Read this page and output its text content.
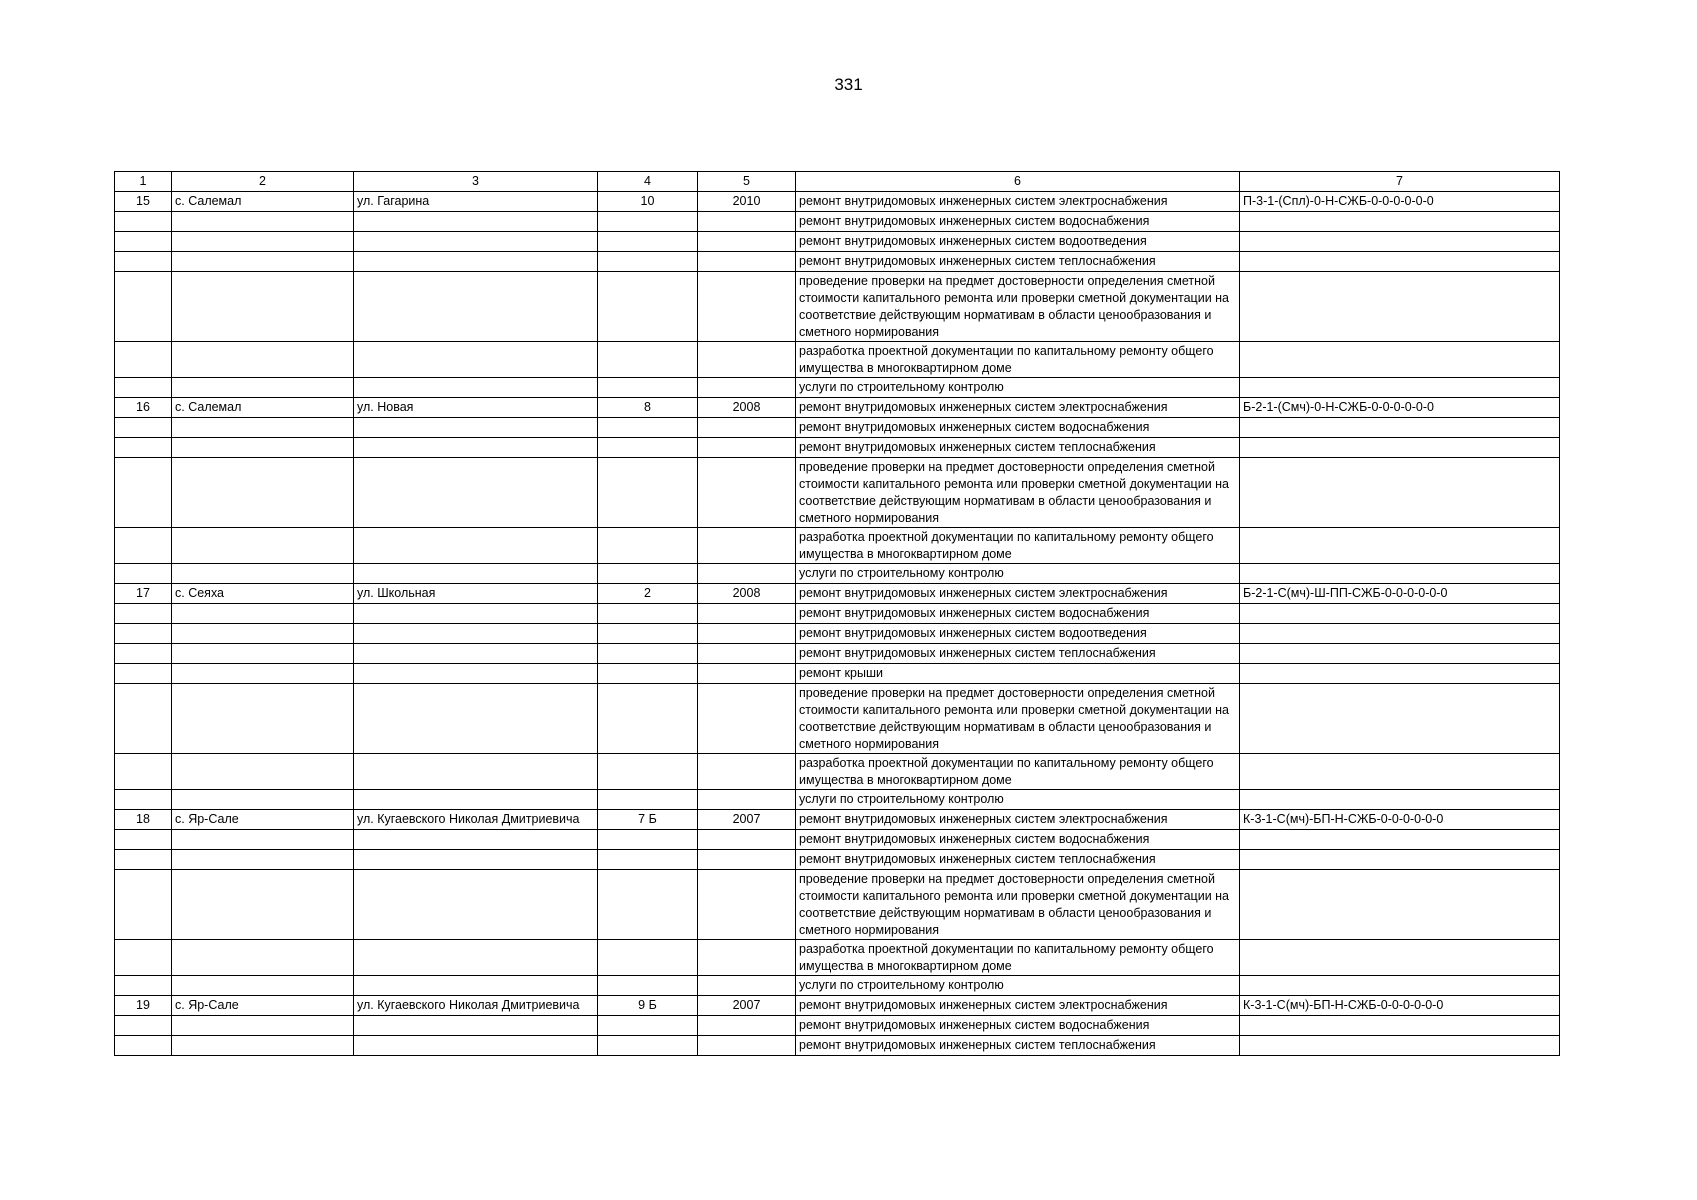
331
1	2	3	4	5	6	7
15	с. Салемал	ул. Гагарина	10	2010	ремонт внутридомовых инженерных систем электроснабжения	П-3-1-(Спл)-0-Н-СЖБ-0-0-0-0-0-0
					ремонт внутридомовых инженерных систем водоснабжения	
					ремонт внутридомовых инженерных систем водоотведения	
					ремонт внутридомовых инженерных систем теплоснабжения	
					проведение проверки на предмет достоверности определения сметной стоимости капитального ремонта или проверки сметной документации на соответствие действующим нормативам в области ценообразования и сметного нормирования	
					разработка проектной документации по капитальному ремонту общего имущества в многоквартирном доме	
					услуги по строительному контролю	
16	с. Салемал	ул. Новая	8	2008	ремонт внутридомовых инженерных систем электроснабжения	Б-2-1-(Смч)-0-Н-СЖБ-0-0-0-0-0-0
					ремонт внутридомовых инженерных систем водоснабжения	
					ремонт внутридомовых инженерных систем теплоснабжения	
					проведение проверки на предмет достоверности определения сметной стоимости капитального ремонта или проверки сметной документации на соответствие действующим нормативам в области ценообразования и сметного нормирования	
					разработка проектной документации по капитальному ремонту общего имущества в многоквартирном доме	
					услуги по строительному контролю	
17	с. Сеяха	ул. Школьная	2	2008	ремонт внутридомовых инженерных систем электроснабжения	Б-2-1-С(мч)-Ш-ПП-СЖБ-0-0-0-0-0-0
					ремонт внутридомовых инженерных систем водоснабжения	
					ремонт внутридомовых инженерных систем водоотведения	
					ремонт внутридомовых инженерных систем теплоснабжения	
					ремонт крыши	
					проведение проверки на предмет достоверности определения сметной стоимости капитального ремонта или проверки сметной документации на соответствие действующим нормативам в области ценообразования и сметного нормирования	
					разработка проектной документации по капитальному ремонту общего имущества в многоквартирном доме	
					услуги по строительному контролю	
18	с. Яр-Сале	ул. Кугаевского Николая Дмитриевича	7 Б	2007	ремонт внутридомовых инженерных систем электроснабжения	К-3-1-С(мч)-БП-Н-СЖБ-0-0-0-0-0-0
					ремонт внутридомовых инженерных систем водоснабжения	
					ремонт внутридомовых инженерных систем теплоснабжения	
					проведение проверки на предмет достоверности определения сметной стоимости капитального ремонта или проверки сметной документации на соответствие действующим нормативам в области ценообразования и сметного нормирования	
					разработка проектной документации по капитальному ремонту общего имущества в многоквартирном доме	
					услуги по строительному контролю	
19	с. Яр-Сале	ул. Кугаевского Николая Дмитриевича	9 Б	2007	ремонт внутридомовых инженерных систем электроснабжения	К-3-1-С(мч)-БП-Н-СЖБ-0-0-0-0-0-0
					ремонт внутридомовых инженерных систем водоснабжения	
					ремонт внутридомовых инженерных систем теплоснабжения	
